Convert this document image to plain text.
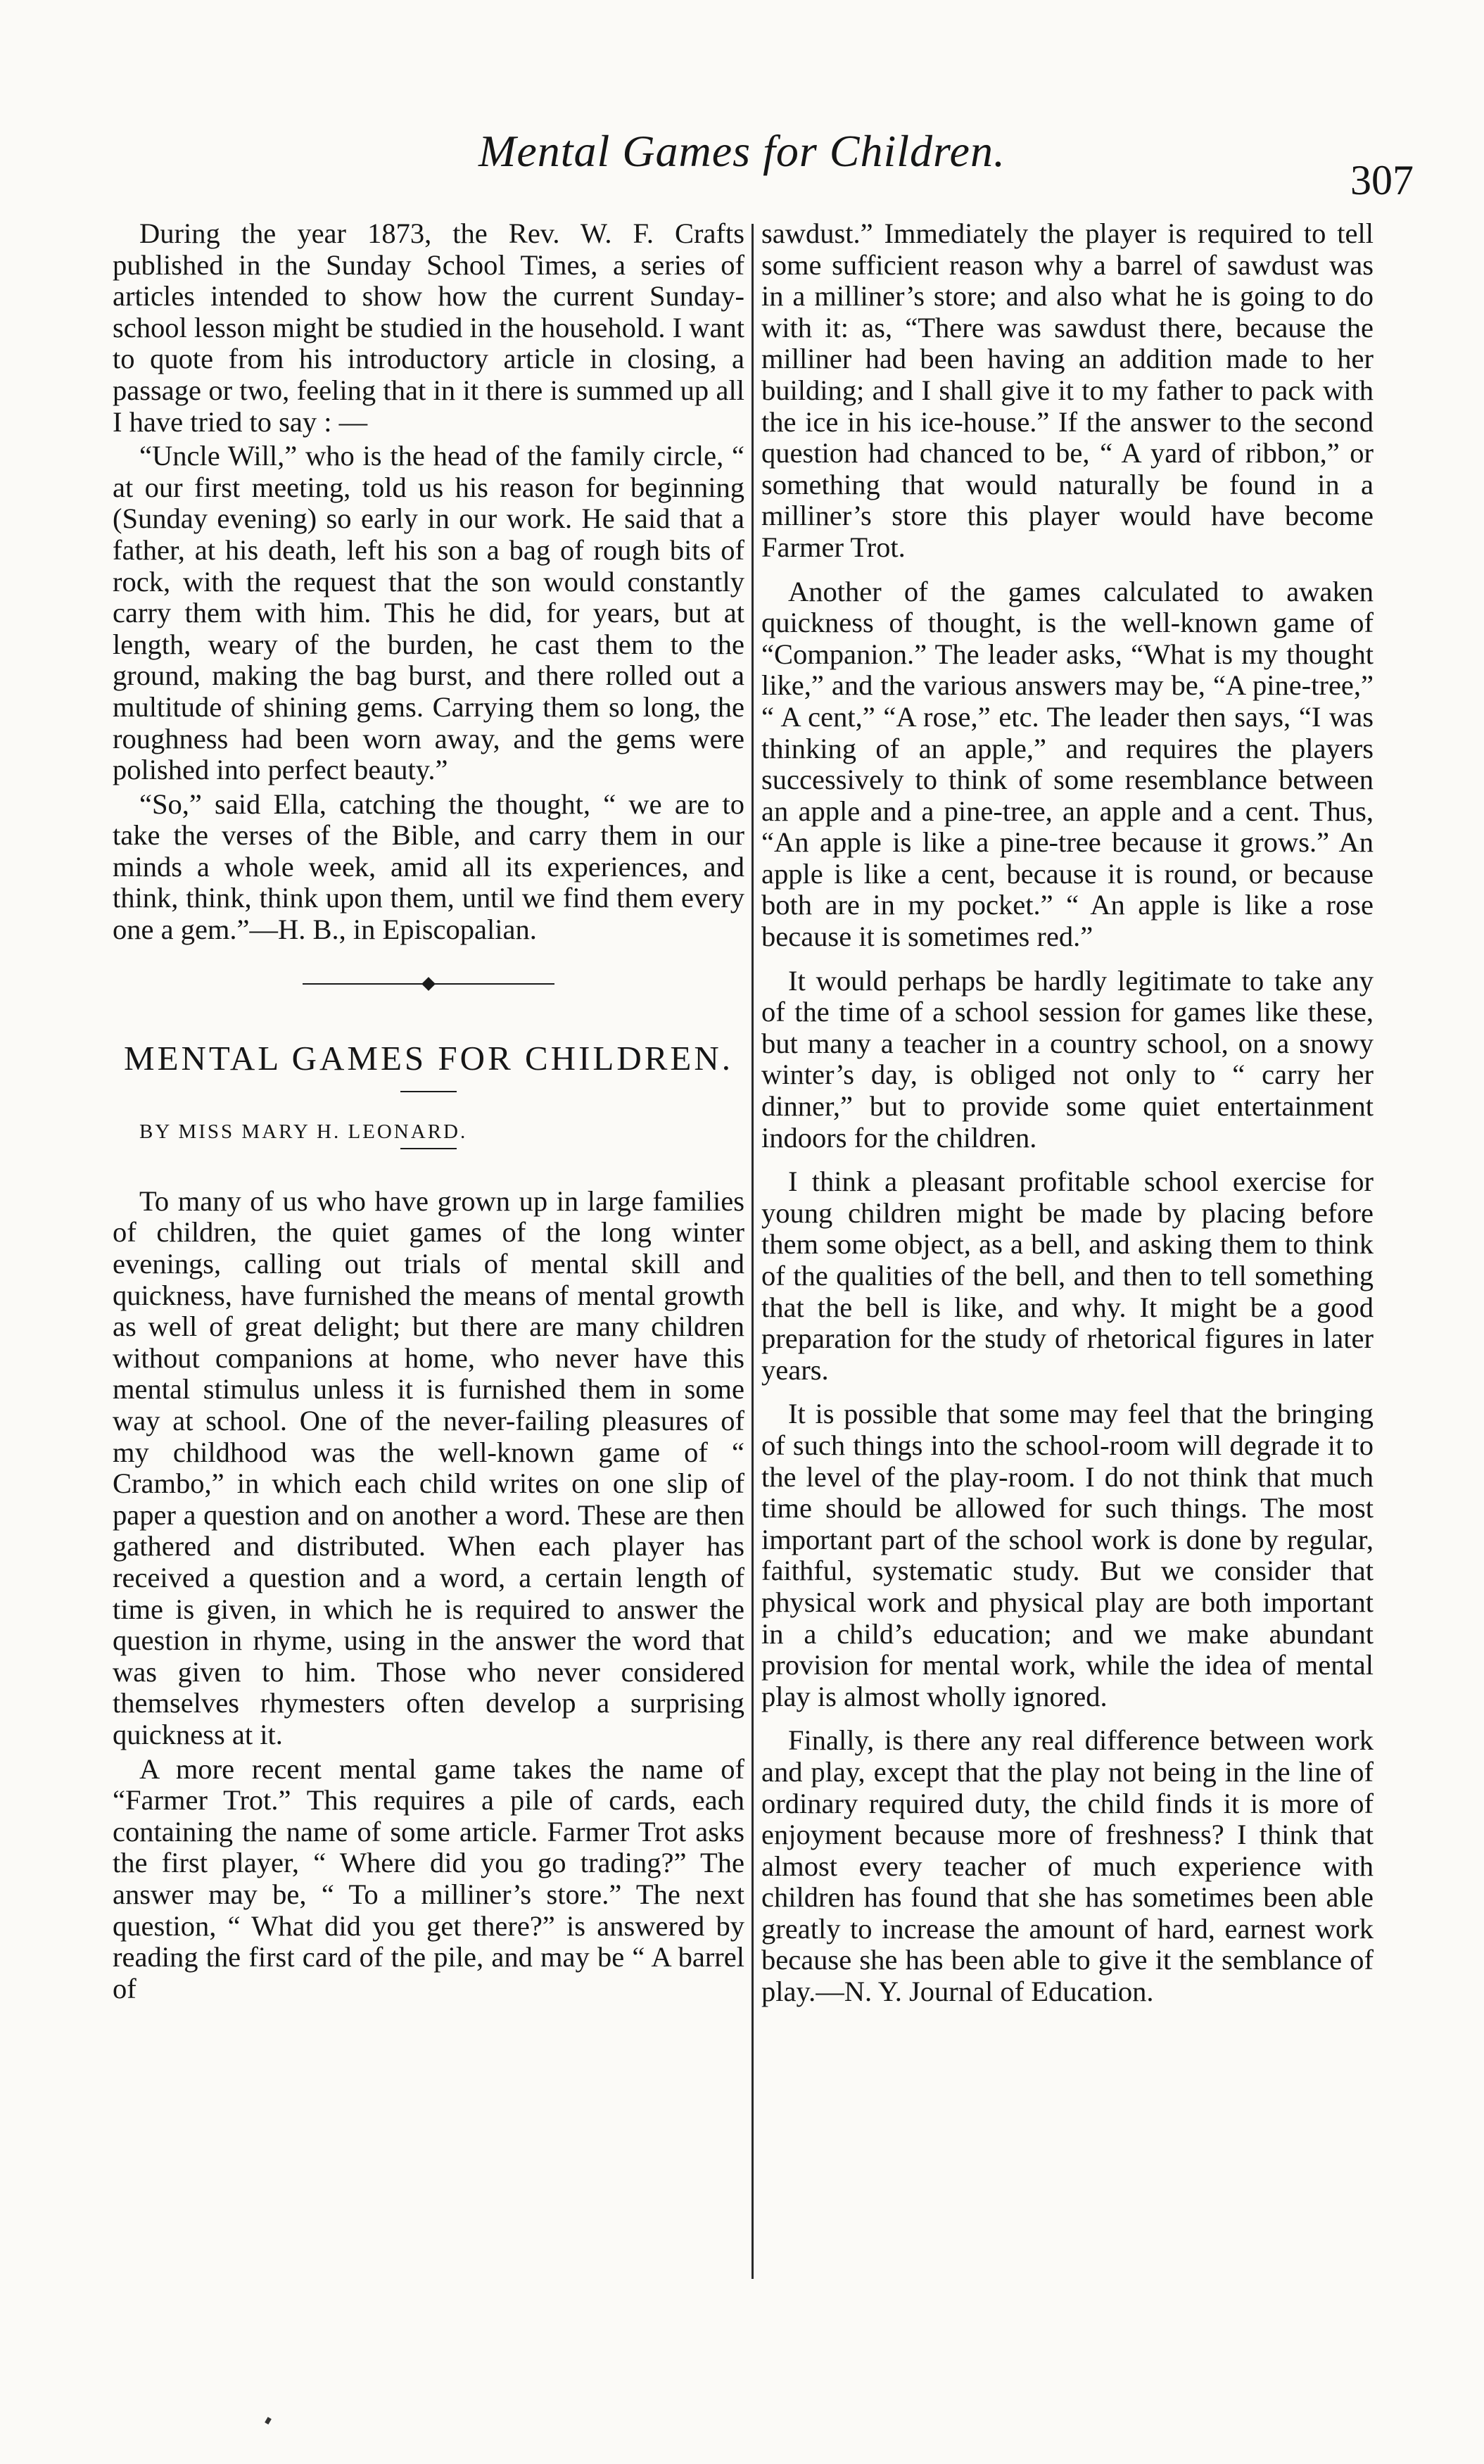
Mental Games for Children.

307

During the year 1873, the Rev. W. F. Crafts published in the Sunday School Times, a series of articles intended to show how the current Sunday-school lesson might be studied in the household. I want to quote from his introductory article in closing, a passage or two, feeling that in it there is summed up all I have tried to say : —

“Uncle Will,” who is the head of the family circle, “ at our first meeting, told us his reason for beginning (Sunday evening) so early in our work. He said that a father, at his death, left his son a bag of rough bits of rock, with the request that the son would constantly carry them with him. This he did, for years, but at length, weary of the burden, he cast them to the ground, making the bag burst, and there rolled out a multitude of shining gems. Carrying them so long, the roughness had been worn away, and the gems were polished into perfect beauty.”

“So,” said Ella, catching the thought, “ we are to take the verses of the Bible, and carry them in our minds a whole week, amid all its experiences, and think, think, think upon them, until we find them every one a gem.”—H. B., in Episcopalian.

MENTAL GAMES FOR CHILDREN.

BY MISS MARY H. LEONARD.

To many of us who have grown up in large families of children, the quiet games of the long winter evenings, calling out trials of mental skill and quickness, have furnished the means of mental growth as well of great delight; but there are many children without companions at home, who never have this mental stimulus unless it is furnished them in some way at school. One of the never-failing pleasures of my childhood was the well-known game of “ Crambo,” in which each child writes on one slip of paper a question and on another a word. These are then gathered and distributed. When each player has received a question and a word, a certain length of time is given, in which he is required to answer the question in rhyme, using in the answer the word that was given to him. Those who never considered themselves rhymesters often develop a surprising quickness at it.

A more recent mental game takes the name of “Farmer Trot.” This requires a pile of cards, each containing the name of some article. Farmer Trot asks the first player, “ Where did you go trading?” The answer may be, “ To a milliner’s store.” The next question, “ What did you get there?” is answered by reading the first card of the pile, and may be “ A barrel of

sawdust.” Immediately the player is required to tell some sufficient reason why a barrel of sawdust was in a milliner’s store; and also what he is going to do with it: as, “There was sawdust there, because the milliner had been having an addition made to her building; and I shall give it to my father to pack with the ice in his ice-house.” If the answer to the second question had chanced to be, “ A yard of ribbon,” or something that would naturally be found in a milliner’s store this player would have become Farmer Trot.

Another of the games calculated to awaken quickness of thought, is the well-known game of “Companion.” The leader asks, “What is my thought like,” and the various answers may be, “A pine-tree,” “ A cent,” “A rose,” etc. The leader then says, “I was thinking of an apple,” and requires the players successively to think of some resemblance between an apple and a pine-tree, an apple and a cent. Thus, “An apple is like a pine-tree because it grows.” An apple is like a cent, because it is round, or because both are in my pocket.” “ An apple is like a rose because it is sometimes red.”

It would perhaps be hardly legitimate to take any of the time of a school session for games like these, but many a teacher in a country school, on a snowy winter’s day, is obliged not only to “ carry her dinner,” but to provide some quiet entertainment indoors for the children.

I think a pleasant profitable school exercise for young children might be made by placing before them some object, as a bell, and asking them to think of the qualities of the bell, and then to tell something that the bell is like, and why. It might be a good preparation for the study of rhetorical figures in later years.

It is possible that some may feel that the bringing of such things into the school-room will degrade it to the level of the play-room. I do not think that much time should be allowed for such things. The most important part of the school work is done by regular, faithful, systematic study. But we consider that physical work and physical play are both important in a child’s education; and we make abundant provision for mental work, while the idea of mental play is almost wholly ignored.

Finally, is there any real difference between work and play, except that the play not being in the line of ordinary required duty, the child finds it is more of enjoyment because more of freshness? I think that almost every teacher of much experience with children has found that she has sometimes been able greatly to increase the amount of hard, earnest work because she has been able to give it the semblance of play.—N. Y. Journal of Education.
